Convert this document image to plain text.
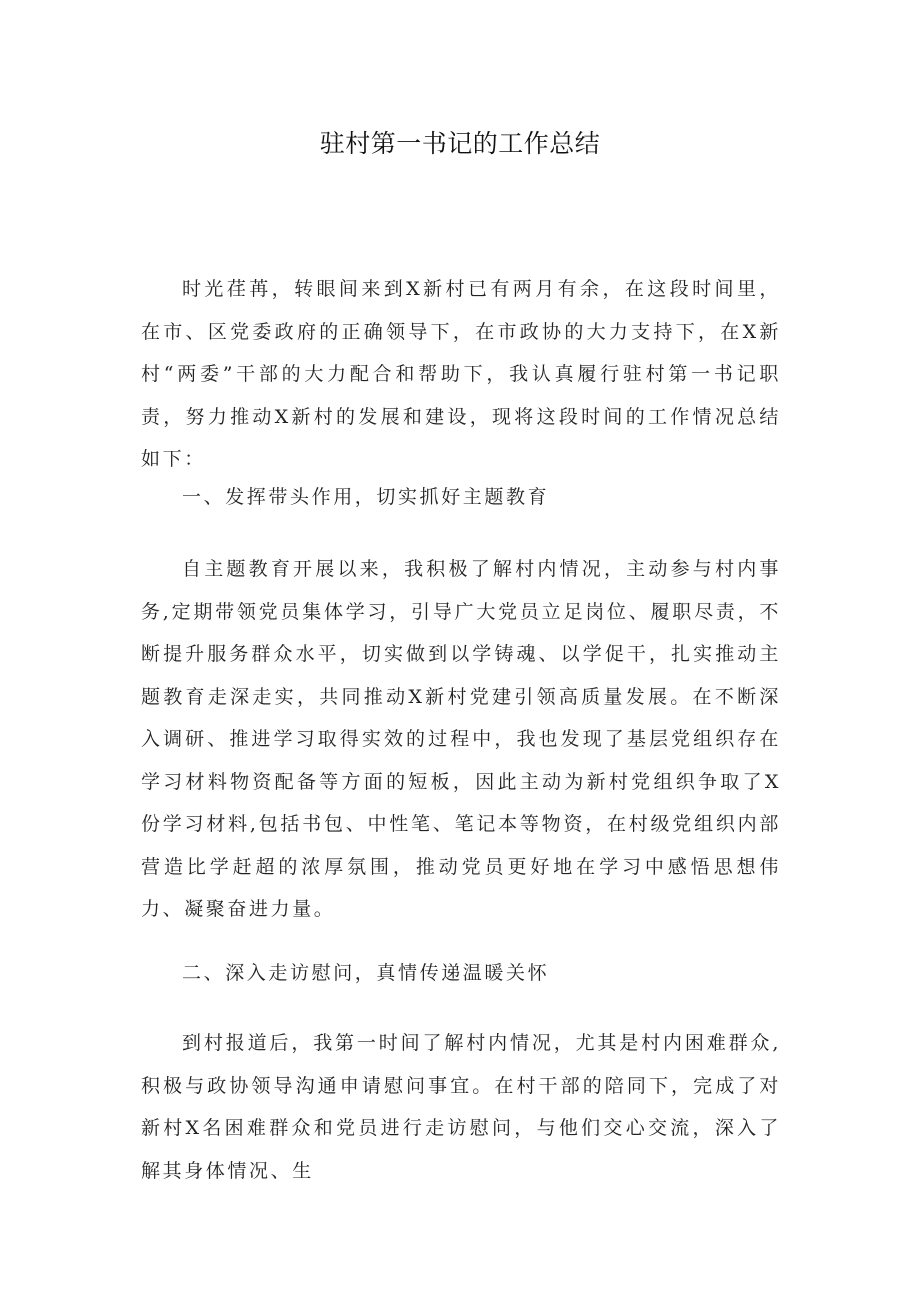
驻村第一书记的工作总结

时光荏苒，转眼间来到X新村已有两月有余，在这段时间里，在市、区党委政府的正确领导下，在市政协的大力支持下，在X新村“两委”干部的大力配合和帮助下，我认真履行驻村第一书记职责，努力推动X新村的发展和建设，现将这段时间的工作情况总结如下：

一、发挥带头作用，切实抓好主题教育

自主题教育开展以来，我积极了解村内情况，主动参与村内事务,定期带领党员集体学习，引导广大党员立足岗位、履职尽责，不断提升服务群众水平，切实做到以学铸魂、以学促干，扎实推动主题教育走深走实，共同推动X新村党建引领高质量发展。在不断深入调研、推进学习取得实效的过程中，我也发现了基层党组织存在学习材料物资配备等方面的短板，因此主动为新村党组织争取了X份学习材料,包括书包、中性笔、笔记本等物资，在村级党组织内部营造比学赶超的浓厚氛围，推动党员更好地在学习中感悟思想伟力、凝聚奋进力量。

二、深入走访慰问，真情传递温暖关怀

到村报道后，我第一时间了解村内情况，尤其是村内困难群众,积极与政协领导沟通申请慰问事宜。在村干部的陪同下，完成了对新村X名困难群众和党员进行走访慰问，与他们交心交流，深入了解其身体情况、生
